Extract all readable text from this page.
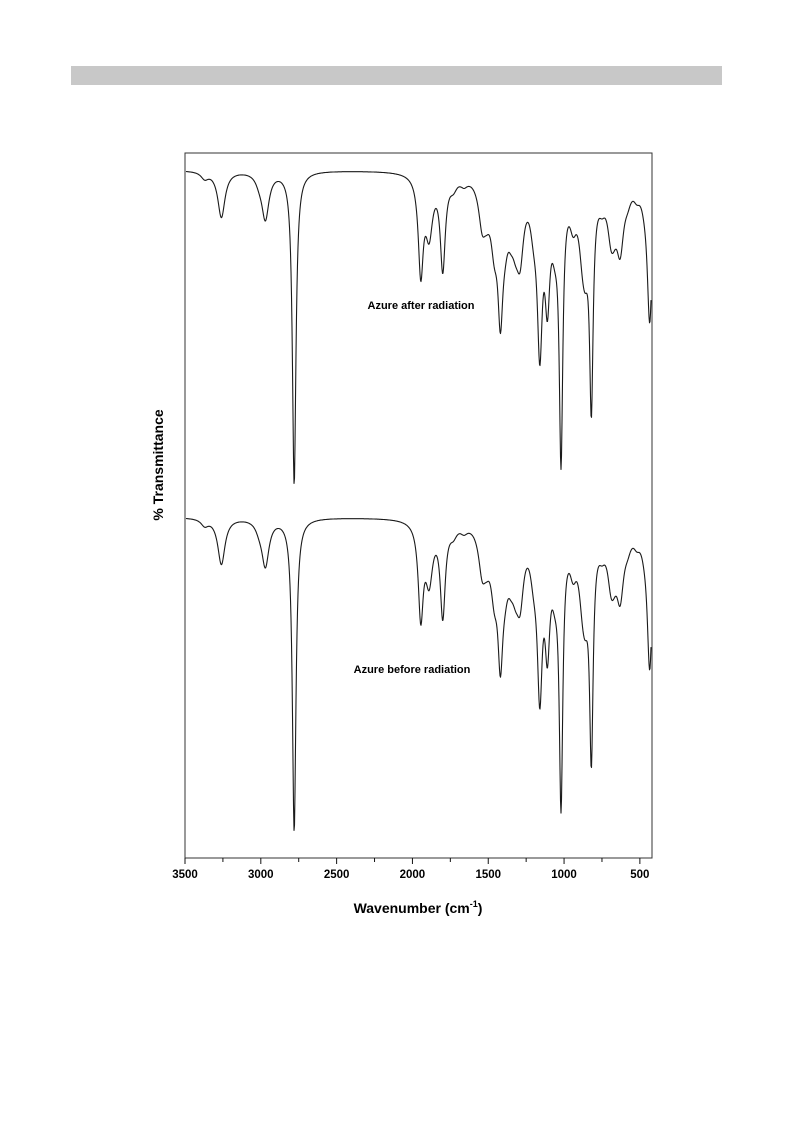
Azure after radiation
Azure before radiation
3500	3000	2500	2000	1500	1000	500
% Transmittance
Wavenumber $(cm^{-1})$
